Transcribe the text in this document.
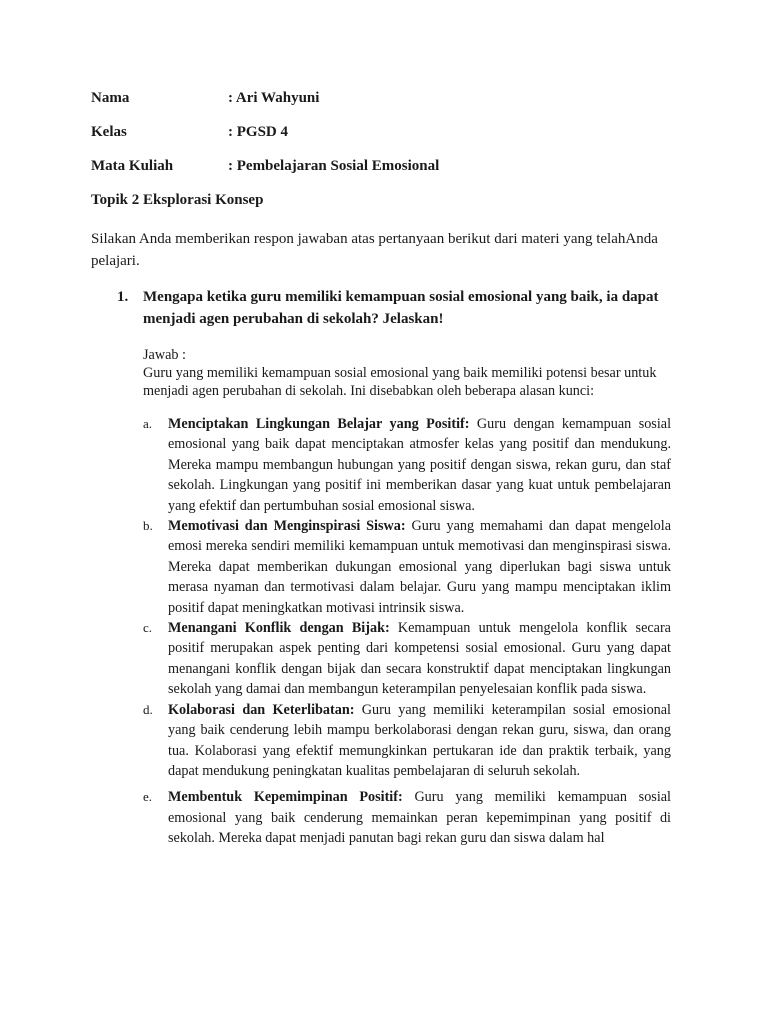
Nama	: Ari Wahyuni
Kelas	: PGSD 4
Mata Kuliah	: Pembelajaran Sosial Emosional
Topik 2 Eksplorasi Konsep
Silakan Anda memberikan respon jawaban atas pertanyaan berikut dari materi yang telahAnda pelajari.
1. Mengapa ketika guru memiliki kemampuan sosial emosional yang baik, ia dapat menjadi agen perubahan di sekolah? Jelaskan!
Jawab :
Guru yang memiliki kemampuan sosial emosional yang baik memiliki potensi besar untuk menjadi agen perubahan di sekolah. Ini disebabkan oleh beberapa alasan kunci:
a.	Menciptakan Lingkungan Belajar yang Positif: Guru dengan kemampuan sosial emosional yang baik dapat menciptakan atmosfer kelas yang positif dan mendukung. Mereka mampu membangun hubungan yang positif dengan siswa, rekan guru, dan staf sekolah. Lingkungan yang positif ini memberikan dasar yang kuat untuk pembelajaran yang efektif dan pertumbuhan sosial emosional siswa.
b.	Memotivasi dan Menginspirasi Siswa: Guru yang memahami dan dapat mengelola emosi mereka sendiri memiliki kemampuan untuk memotivasi dan menginspirasi siswa. Mereka dapat memberikan dukungan emosional yang diperlukan bagi siswa untuk merasa nyaman dan termotivasi dalam belajar. Guru yang mampu menciptakan iklim positif dapat meningkatkan motivasi intrinsik siswa.
c.	Menangani Konflik dengan Bijak: Kemampuan untuk mengelola konflik secara positif merupakan aspek penting dari kompetensi sosial emosional. Guru yang dapat menangani konflik dengan bijak dan secara konstruktif dapat menciptakan lingkungan sekolah yang damai dan membangun keterampilan penyelesaian konflik pada siswa.
d.	Kolaborasi dan Keterlibatan: Guru yang memiliki keterampilan sosial emosional yang baik cenderung lebih mampu berkolaborasi dengan rekan guru, siswa, dan orang tua. Kolaborasi yang efektif memungkinkan pertukaran ide dan praktik terbaik, yang dapat mendukung peningkatan kualitas pembelajaran di seluruh sekolah.
e.	Membentuk Kepemimpinan Positif: Guru yang memiliki kemampuan sosial emosional yang baik cenderung memainkan peran kepemimpinan yang positif di sekolah. Mereka dapat menjadi panutan bagi rekan guru dan siswa dalam hal
